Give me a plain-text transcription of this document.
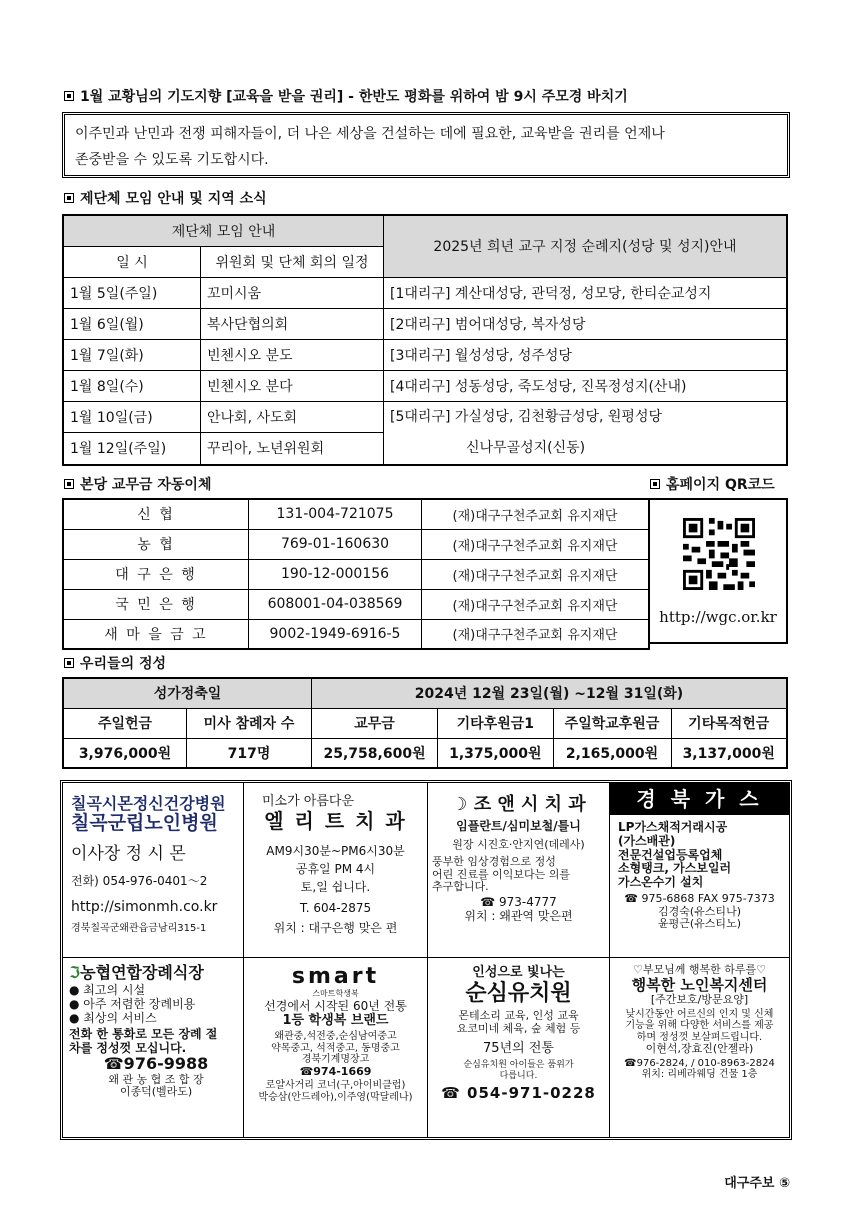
1월 교황님의 기도지향 [교육을 받을 권리] - 한반도 평화를 위하여 밤 9시 주모경 바치기
이주민과 난민과 전쟁 피해자들이, 더 나은 세상을 건설하는 데에 필요한, 교육받을 권리를 언제나
존중받을 수 있도록 기도합시다.
제단체 모임 안내 및 지역 소식
제단체 모임 안내		2025년 희년 교구 지정 순례지(성당 및 성지)안내
일 시	위원회 및 단체 회의 일정	
1월 5일(주일)	꼬미시움	[1대리구] 계산대성당, 관덕정, 성모당, 한티순교성지
1월 6일(월)	복사단협의회	[2대리구] 범어대성당, 복자성당
1월 7일(화)	빈첸시오 분도	[3대리구] 월성성당, 성주성당
1월 8일(수)	빈첸시오 분다	[4대리구] 성동성당, 죽도성당, 진목정성지(산내)
1월 10일(금)	안나회, 사도회	[5대리구] 가실성당, 김천황금성당, 원평성당
신나무골성지(신동)

1월 12일(주일)	꾸리아, 노년위원회	
본당 교무금 자동이체	홈페이지 QR코드
신 협	131-004-721075	(재)대구구천주교회 유지재단
농 협	769-01-160630	(재)대구구천주교회 유지재단
대 구 은 행	190-12-000156	(재)대구구천주교회 유지재단
국 민 은 행	608001-04-038569	(재)대구구천주교회 유지재단
새 마 을 금 고	9002-1949-6916-5	(재)대구구천주교회 유지재단
http://wgc.or.kr
우리들의 정성
성가정축일		2024년 12월 23일(월) ~12월 31일(화)			
주일헌금	미사 참례자 수	교무금	기타후원금1	주일학교후원금	기타목적헌금
3,976,000원	717명	25,758,600원	1,375,000원	2,165,000원	3,137,000원
칠곡시몬정신건강병원
칠곡군립노인병원
이사장 정 시 몬
전화) 054-976-0401～2
http://simonmh.co.kr
경북칠곡군왜관읍금남리315-1
미소가 아름다운
엘 리 트 치 과
AM9시30분~PM6시30분
공휴일 PM 4시
토,일 쉽니다.
T. 604-2875
위치 : 대구은행 맞은 편
☽ 조 앤 시 치 과
임플란트/심미보철/틀니
원장 시진호·안지연(데레사)
풍부한 임상경험으로 정성
어린 진료를 이익보다는 의를
추구합니다.
☎ 973-4777
위치 : 왜관역 맞은편
경 북 가 스
LP가스채적거래시공
(가스배관)
전문건설업등록업체
소형탱크, 가스보일러
가스온수기 설치
☎ 975-6868 FAX 975-7373
김경숙(유스티나)
윤평근(유스티노)
ℑ농협연합장례식장
● 최고의 시설
● 아주 저렴한 장례비용
● 최상의 서비스
전화 한 통화로 모든 장례 절
차를 정성껏 모십니다.
☎976-9988
왜 관 농 협 조 합 장
이종덕(벨라도)
smart
스마트학생복
선경에서 시작된 60년 전통
1등 학생복 브랜드
왜관중,석전중,순심남여중고
약목중고, 석적중고, 동명중고
경북기계명장고
☎974-1669
로얄사거리 코너(구,아이비클럽)
박승삼(안드레아),이주영(막달레나)
인성으로 빛나는
순심유치원
몬테소리 교육, 인성 교육
요코미네 체육, 숲 체험 등
75년의 전통
순심유치원 아이들은 품위가
다릅니다.
☎ 054-971-0228
♡부모님께 행복한 하루를♡
행복한 노인복지센터
[주간보호/방문요양]
낮시간동안 어르신의 인지 및 신체
기능을 위해 다양한 서비스를 제공
하며 정성껏 보살펴드립니다.
이현석,장효진(안젤라)
☎976-2824, / 010-8963-2824
위치: 리베라웨딩 건물 1층
대구주보 ⑤
